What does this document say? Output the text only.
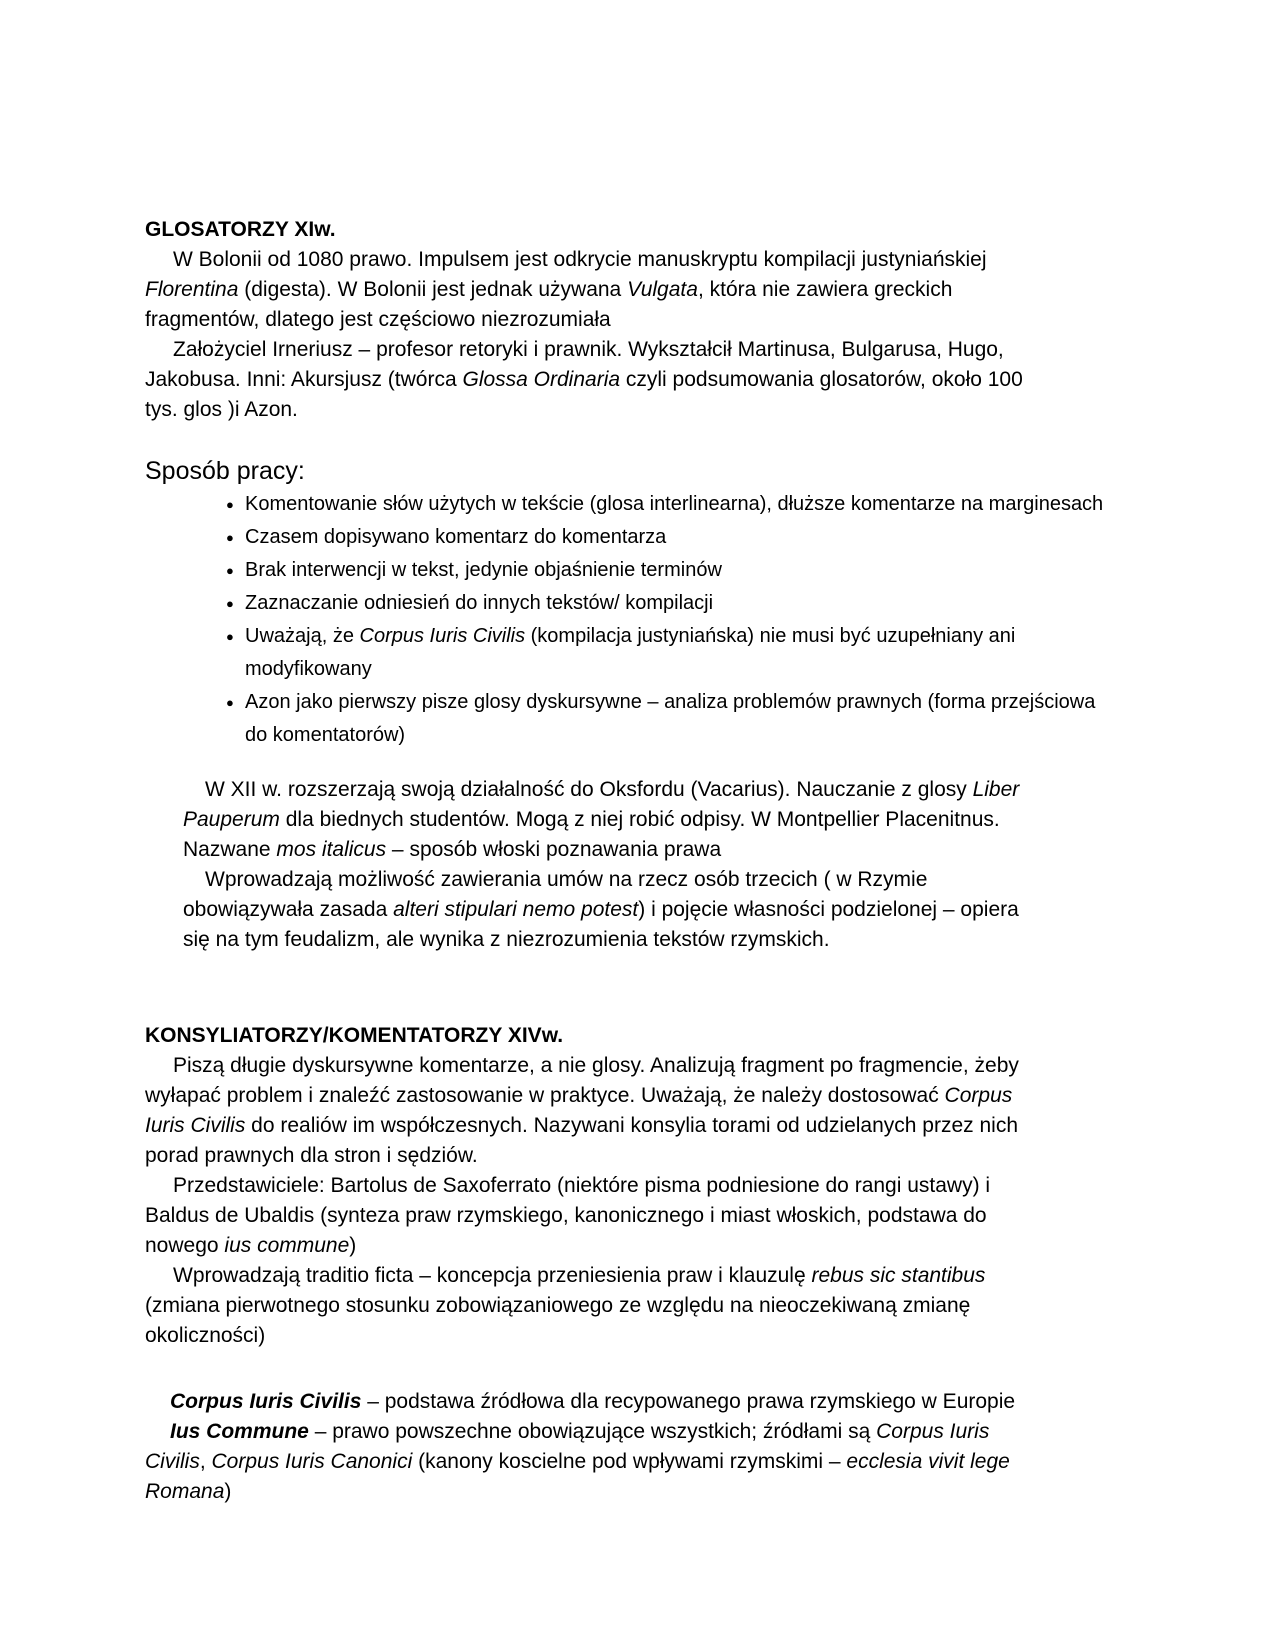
GLOSATORZY XIw.
W Bolonii od 1080 prawo. Impulsem jest odkrycie manuskryptu kompilacji justyniańskiej
Florentina (digesta). W Bolonii jest jednak używana Vulgata, która nie zawiera greckich
fragmentów, dlatego jest częściowo niezrozumiała
Założyciel Irneriusz – profesor retoryki i prawnik. Wykształcił Martinusa, Bulgarusa, Hugo,
Jakobusa. Inni: Akursjusz (twórca Glossa Ordinaria czyli podsumowania glosatorów, około 100
tys. glos )i Azon.
Sposób pracy:
● Komentowanie słów użytych w tekście (glosa interlinearna), dłuższe komentarze na marginesach
● Czasem dopisywano komentarz do komentarza
● Brak interwencji w tekst, jedynie objaśnienie terminów
● Zaznaczanie odniesień do innych tekstów/ kompilacji
● Uważają, że Corpus Iuris Civilis (kompilacja justyniańska) nie musi być uzupełniany ani
modyfikowany
● Azon jako pierwszy pisze glosy dyskursywne – analiza problemów prawnych (forma przejściowa
do komentatorów)
W XII w. rozszerzają swoją działalność do Oksfordu (Vacarius). Nauczanie z glosy Liber
Pauperum dla biednych studentów. Mogą z niej robić odpisy. W Montpellier Placenitnus.
Nazwane mos italicus – sposób włoski poznawania prawa
Wprowadzają możliwość zawierania umów na rzecz osób trzecich ( w Rzymie
obowiązywała zasada alteri stipulari nemo potest) i pojęcie własności podzielonej – opiera
się na tym feudalizm, ale wynika z niezrozumienia tekstów rzymskich.
KONSYLIATORZY/KOMENTATORZY XIVw.
Piszą długie dyskursywne komentarze, a nie glosy. Analizują fragment po fragmencie, żeby
wyłapać problem i znaleźć zastosowanie w praktyce. Uważają, że należy dostosować Corpus
Iuris Civilis do realiów im współczesnych. Nazywani konsylia torami od udzielanych przez nich
porad prawnych dla stron i sędziów.
Przedstawiciele: Bartolus de Saxoferrato (niektóre pisma podniesione do rangi ustawy) i
Baldus de Ubaldis (synteza praw rzymskiego, kanonicznego i miast włoskich, podstawa do
nowego ius commune)
Wprowadzają traditio ficta – koncepcja przeniesienia praw i klauzulę rebus sic stantibus
(zmiana pierwotnego stosunku zobowiązaniowego ze względu na nieoczekiwaną zmianę
okoliczności)
Corpus Iuris Civilis – podstawa źródłowa dla recypowanego prawa rzymskiego w Europie
Ius Commune – prawo powszechne obowiązujące wszystkich; źródłami są Corpus Iuris
Civilis, Corpus Iuris Canonici (kanony koscielne pod wpływami rzymskimi – ecclesia vivit lege
Romana)
